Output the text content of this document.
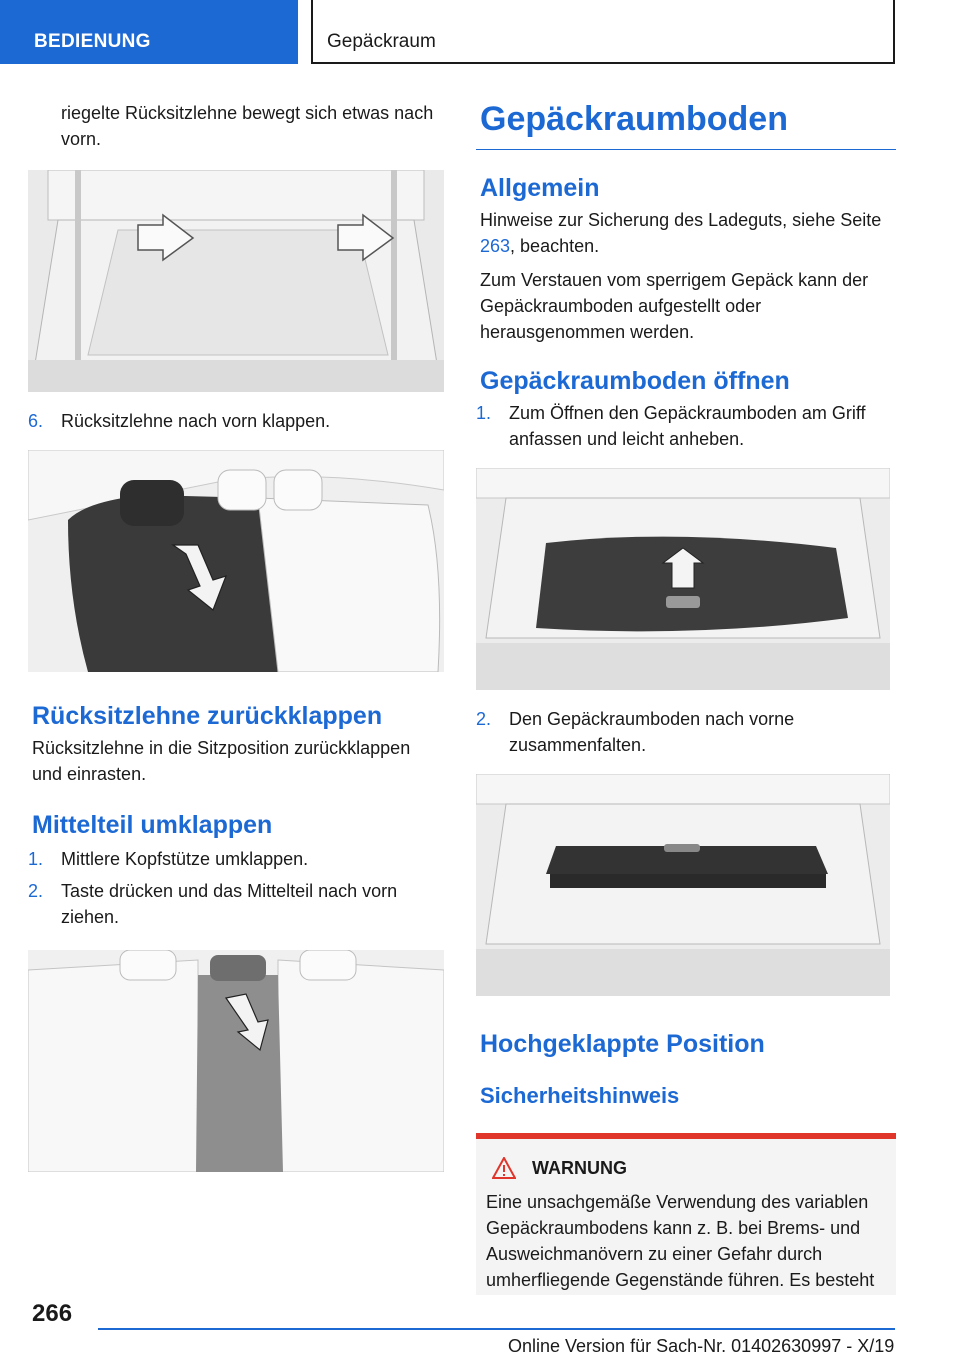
BEDIENUNG	Gepäckraum

riegelte Rücksitzlehne bewegt sich etwas nach vorn.

6. Rücksitzlehne nach vorn klappen.
Rücksitzlehne zurückklappen

Rücksitzlehne in die Sitzposition zurückklappen und einrasten.

Mittelteil umklappen
1. Mittlere Kopfstütze umklappen.
2. Taste drücken und das Mittelteil nach vorn ziehen.
Gepäckraumboden
Allgemein

Hinweise zur Sicherung des Ladeguts, siehe Seite 263, beachten.

Zum Verstauen vom sperrigem Gepäck kann der Gepäckraumboden aufgestellt oder herausgenommen werden.

Gepäckraumboden öffnen
1. Zum Öffnen den Gepäckraumboden am Griff anfassen und leicht anheben.
2. Den Gepäckraumboden nach vorne zusammenfalten.
Hochgeklappte Position
Sicherheitshinweis
WARNUNG
Eine unsachgemäße Verwendung des variablen Gepäckraumbodens kann z. B. bei Brems- und Ausweichmanövern zu einer Gefahr durch umherfliegende Gegenstände führen. Es besteht
266
Online Version für Sach-Nr. 01402630997 - X/19
